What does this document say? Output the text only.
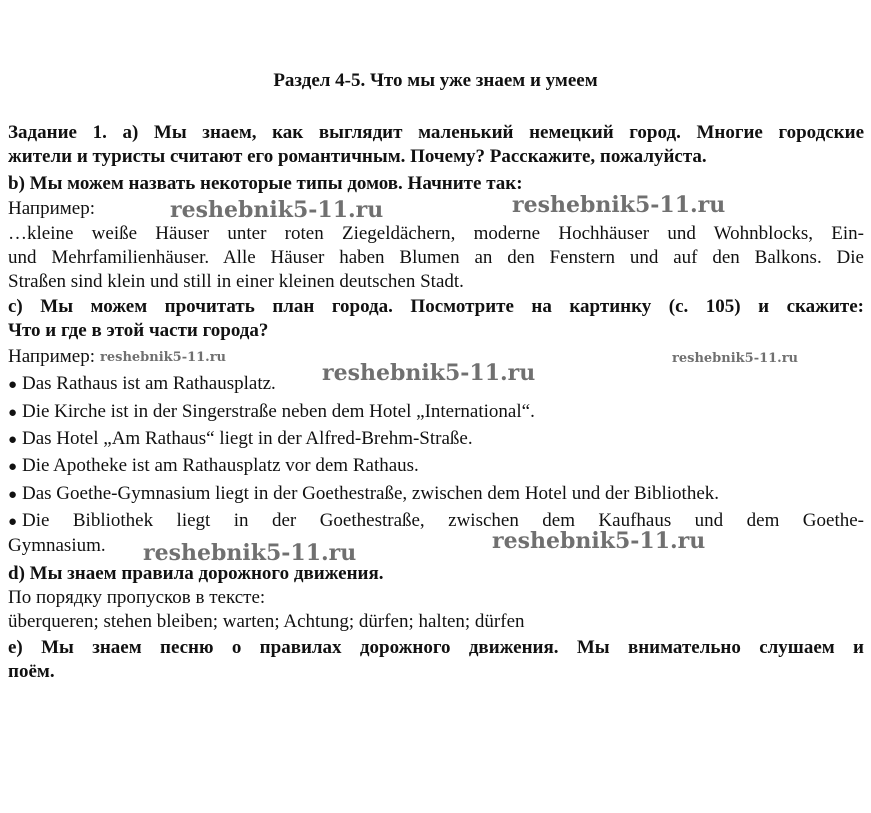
Раздел 4-5. Что мы уже знаем и умеем
Задание 1. a) Мы знаем, как выглядит маленький немецкий город. Многие городские
жители и туристы считают его романтичным. Почему? Расскажите, пожалуйста.
b) Мы можем назвать некоторые типы домов. Начните так:
Например:
…kleine weiße Häuser unter roten Ziegeldächern, moderne Hochhäuser und Wohnblocks, Ein-
und Mehrfamilienhäuser. Alle Häuser haben Blumen an den Fenstern und auf den Balkons. Die
Straßen sind klein und still in einer kleinen deutschen Stadt.
c) Мы можем прочитать план города. Посмотрите на картинку (с. 105) и скажите:
Что и где в этой части города?
Например:
● Das Rathaus ist am Rathausplatz.
● Die Kirche ist in der Singerstraße neben dem Hotel „International“.
● Das Hotel „Am Rathaus“ liegt in der Alfred-Brehm-Straße.
● Die Apotheke ist am Rathausplatz vor dem Rathaus.
● Das Goethe-Gymnasium liegt in der Goethestraße, zwischen dem Hotel und der Bibliothek.
● Die Bibliothek liegt in der Goethestraße, zwischen dem Kaufhaus und dem Goethe-
Gymnasium.
d) Мы знаем правила дорожного движения.
По порядку пропусков в тексте:
überqueren; stehen bleiben; warten; Achtung; dürfen; halten; dürfen
e) Мы знаем песню о правилах дорожного движения. Мы внимательно слушаем и
поём.
reshebnik5-11.ru	reshebnik5-11.ru
reshebnik5-11.ru
reshebnik5-11.ru
reshebnik5-11.ru
reshebnik5-11.ru	reshebnik5-11.ru
